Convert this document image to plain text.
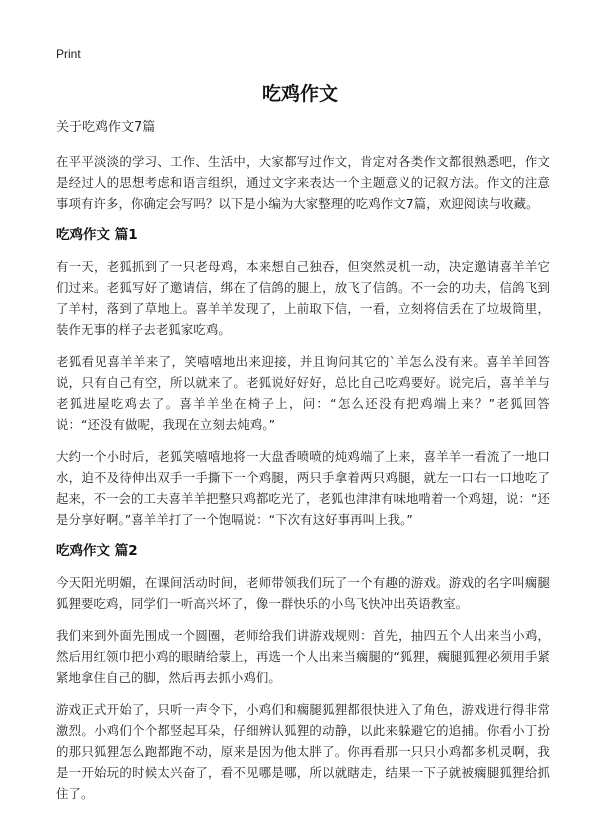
Print
吃鸡作文
关于吃鸡作文7篇

在平平淡淡的学习、工作、生活中，大家都写过作文，肯定对各类作文都很熟悉吧，作文是经过人的思想考虑和语言组织，通过文字来表达一个主题意义的记叙方法。作文的注意事项有许多，你确定会写吗？以下是小编为大家整理的吃鸡作文7篇，欢迎阅读与收藏。

吃鸡作文 篇1

有一天，老狐抓到了一只老母鸡，本来想自己独吞，但突然灵机一动，决定邀请喜羊羊它们过来。老狐写好了邀请信，绑在了信鸽的腿上，放飞了信鸽。不一会的功夫，信鸽飞到了羊村，落到了草地上。喜羊羊发现了，上前取下信，一看，立刻将信丢在了垃圾筒里，装作无事的样子去老狐家吃鸡。

老狐看见喜羊羊来了，笑嘻嘻地出来迎接，并且询问其它的`羊怎么没有来。喜羊羊回答说，只有自己有空，所以就来了。老狐说好好好，总比自己吃鸡要好。说完后，喜羊羊与老狐进屋吃鸡去了。喜羊羊坐在椅子上，问：“怎么还没有把鸡端上来？”老狐回答说：“还没有做呢，我现在立刻去炖鸡。”

大约一个小时后，老狐笑嘻嘻地将一大盘香喷喷的炖鸡端了上来，喜羊羊一看流了一地口水，迫不及待伸出双手一手撕下一个鸡腿，两只手拿着两只鸡腿，就左一口右一口地吃了起来，不一会的工夫喜羊羊把整只鸡都吃光了，老狐也津津有味地啃着一个鸡翅，说：“还是分享好啊。”喜羊羊打了一个饱嗝说：“下次有这好事再叫上我。”

吃鸡作文 篇2

今天阳光明媚，在课间活动时间，老师带领我们玩了一个有趣的游戏。游戏的名字叫瘸腿狐狸要吃鸡，同学们一听高兴坏了，像一群快乐的小鸟飞快冲出英语教室。

我们来到外面先围成一个圆圈，老师给我们讲游戏规则：首先，抽四五个人出来当小鸡，然后用红领巾把小鸡的眼睛给蒙上，再选一个人出来当瘸腿的“狐狸，瘸腿狐狸必须用手紧紧地拿住自己的脚，然后再去抓小鸡们。

游戏正式开始了，只听一声令下，小鸡们和瘸腿狐狸都很快进入了角色，游戏进行得非常激烈。小鸡们个个都竖起耳朵，仔细辨认狐狸的动静，以此来躲避它的追捕。你看小丁扮的那只狐狸怎么跑都跑不动，原来是因为他太胖了。你再看那一只只小鸡都多机灵啊，我是一开始玩的时候太兴奋了，看不见哪是哪，所以就瞎走，结果一下子就被瘸腿狐狸给抓住了。
